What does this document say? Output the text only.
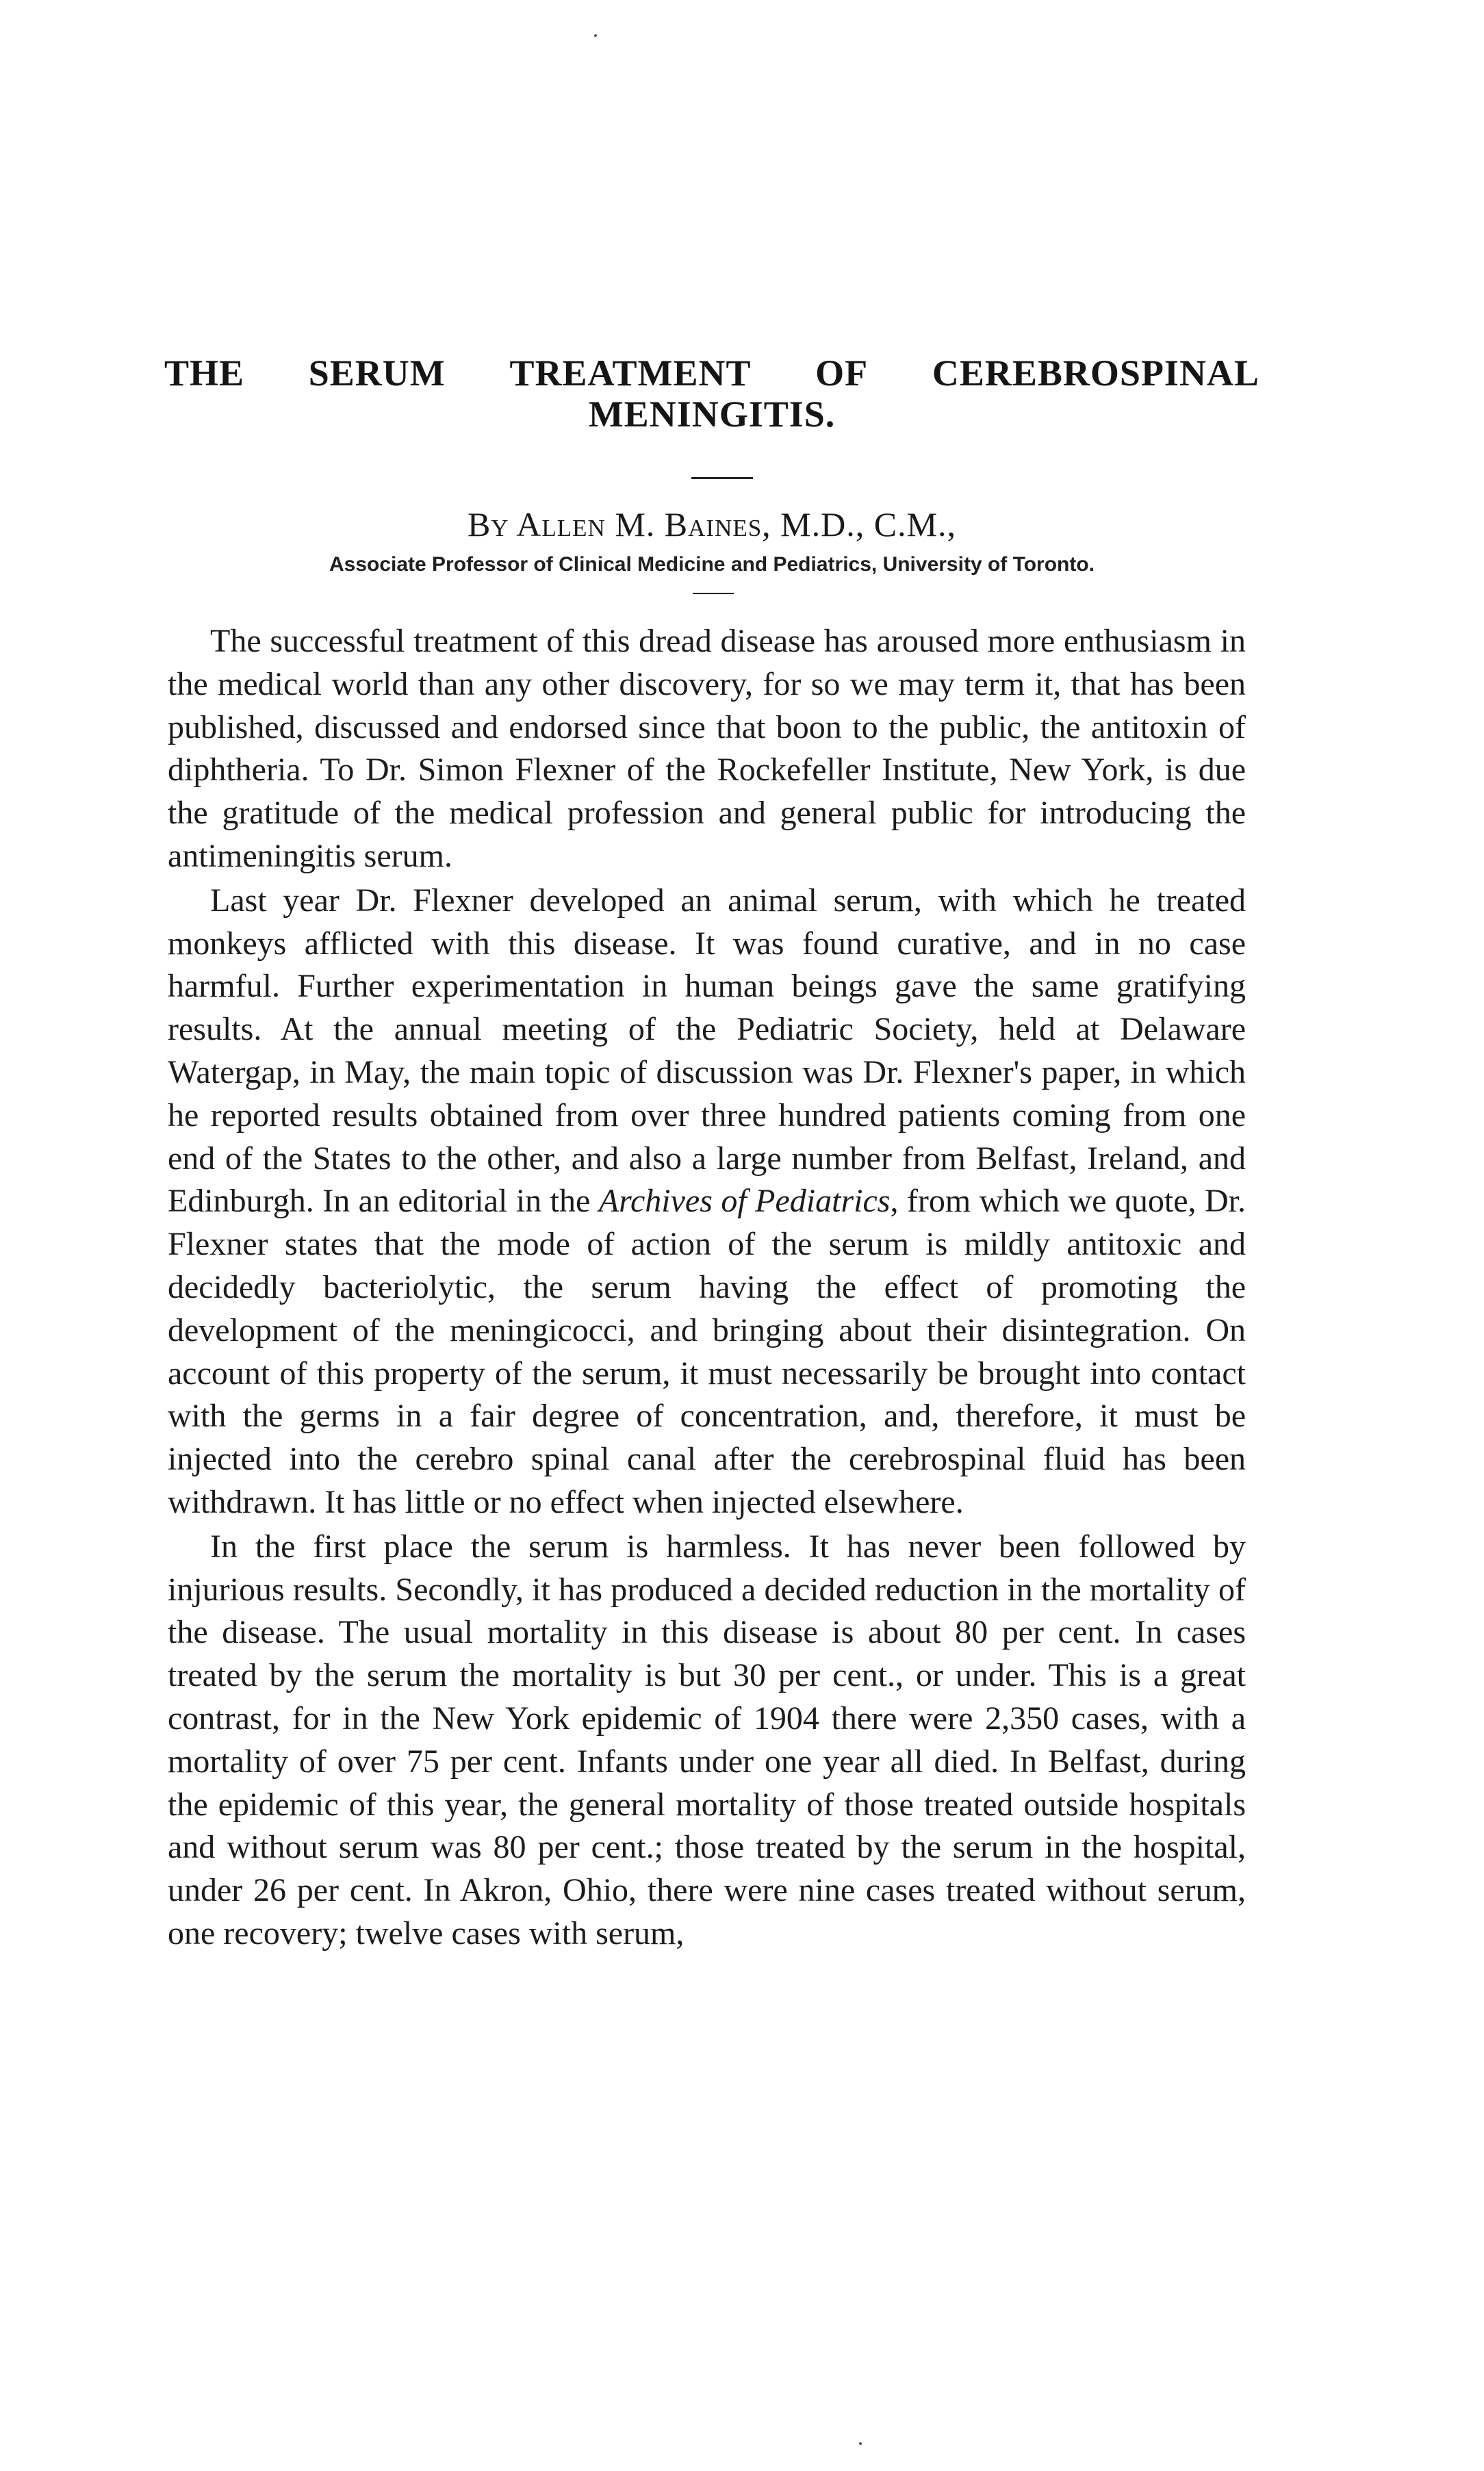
THE SERUM TREATMENT OF CEREBROSPINAL
MENINGITIS.

By Allen M. Baines, M.D., C.M.,

Associate Professor of Clinical Medicine and Pediatrics, University of Toronto.

The successful treatment of this dread disease has aroused more enthusiasm in the medical world than any other discovery, for so we may term it, that has been published, discussed and endorsed since that boon to the public, the antitoxin of diphtheria. To Dr. Simon Flexner of the Rockefeller Institute, New York, is due the gratitude of the medical profession and general public for introducing the antimeningitis serum.

Last year Dr. Flexner developed an animal serum, with which he treated monkeys afflicted with this disease. It was found curative, and in no case harmful. Further experimentation in human beings gave the same gratifying results. At the annual meeting of the Pediatric Society, held at Delaware Watergap, in May, the main topic of discussion was Dr. Flexner's paper, in which he reported results obtained from over three hundred patients coming from one end of the States to the other, and also a large number from Belfast, Ireland, and Edinburgh. In an editorial in the Archives of Pediatrics, from which we quote, Dr. Flexner states that the mode of action of the serum is mildly antitoxic and decidedly bacteriolytic, the serum having the effect of promoting the development of the meningicocci, and bringing about their disintegration. On account of this property of the serum, it must necessarily be brought into contact with the germs in a fair degree of concentration, and, therefore, it must be injected into the cerebro spinal canal after the cerebrospinal fluid has been withdrawn. It has little or no effect when injected elsewhere.

In the first place the serum is harmless. It has never been followed by injurious results. Secondly, it has produced a decided reduction in the mortality of the disease. The usual mortality in this disease is about 80 per cent. In cases treated by the serum the mortality is but 30 per cent., or under. This is a great contrast, for in the New York epidemic of 1904 there were 2,350 cases, with a mortality of over 75 per cent. Infants under one year all died. In Belfast, during the epidemic of this year, the general mortality of those treated outside hospitals and without serum was 80 per cent.; those treated by the serum in the hospital, under 26 per cent. In Akron, Ohio, there were nine cases treated without serum, one recovery; twelve cases with serum,
